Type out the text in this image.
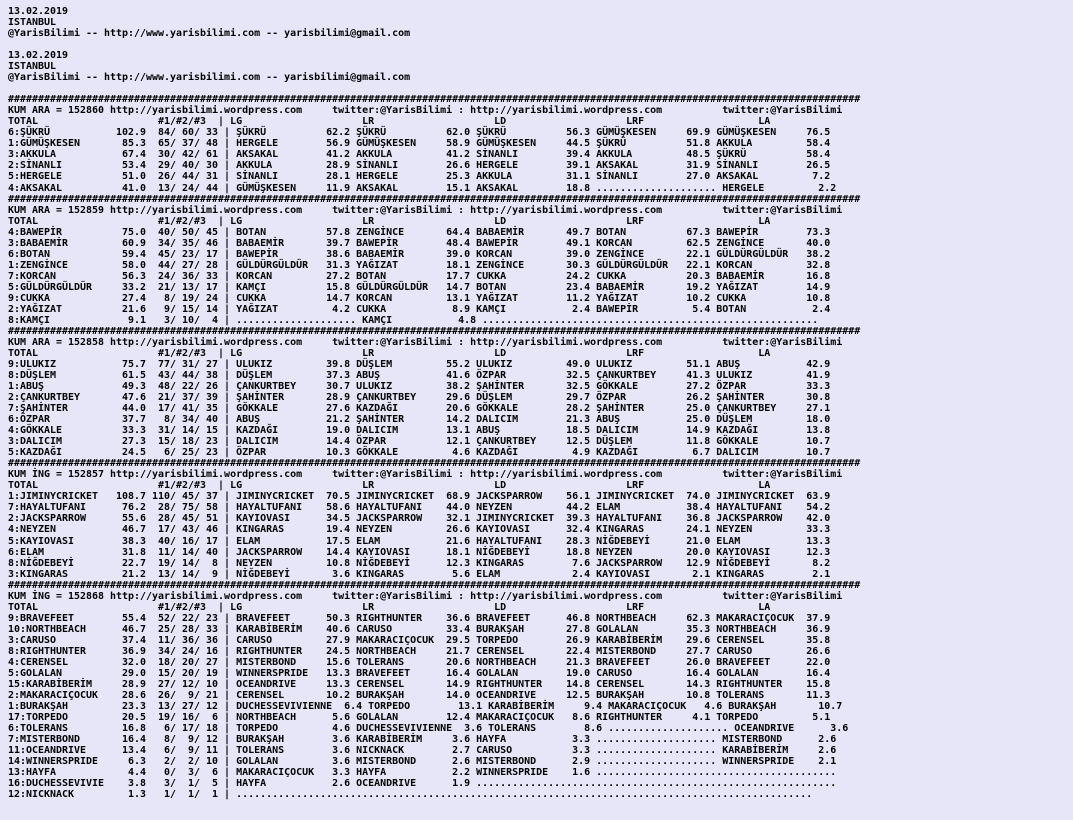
13.02.2019
ISTANBUL
@YarisBilimi -- http://www.yarisbilimi.com -- yarisbilimi@gmail.com
13.02.2019
ISTANBUL
@YarisBilimi -- http://www.yarisbilimi.com -- yarisbilimi@gmail.com
##############################################################################################################################################
KUM ARA = 152860 http://yarisbilimi.wordpress.com     twitter:@YarisBilimi : http://yarisbilimi.wordpress.com          twitter:@YarisBilimi
TOTAL                    #1/#2/#3  | LG                    LR                    LD                    LRF                   LA
6:ŞÜKRÜ           102.9  84/ 60/ 33 | ŞÜKRÜ          62.2 ŞÜKRÜ          62.0 ŞÜKRÜ          56.3 GÜMÜŞKESEN     69.9 GÜMÜŞKESEN     76.5
1:GÜMÜŞKESEN       85.3  65/ 37/ 48 | HERGELE        56.9 GÜMÜŞKESEN     58.9 GÜMÜŞKESEN     44.5 ŞÜKRÜ          51.8 AKKULA         58.4
3:AKKULA           67.4  30/ 42/ 61 | AKSAKAL        41.2 AKKULA         41.2 SİNANLI        39.4 AKKULA         48.5 ŞÜKRÜ          58.4
2:SİNANLI          53.4  29/ 40/ 30 | AKKULA         28.9 SİNANLI        26.6 HERGELE        39.1 AKSAKAL        31.9 SİNANLI        26.5
5:HERGELE          51.0  26/ 44/ 31 | SİNANLI        28.1 HERGELE        25.3 AKKULA         31.1 SİNANLI        27.0 AKSAKAL         7.2
4:AKSAKAL          41.0  13/ 24/ 44 | GÜMÜŞKESEN     11.9 AKSAKAL        15.1 AKSAKAL        18.8 .................... HERGELE         2.2
##############################################################################################################################################
KUM ARA = 152859 http://yarisbilimi.wordpress.com     twitter:@YarisBilimi : http://yarisbilimi.wordpress.com          twitter:@YarisBilimi
TOTAL                    #1/#2/#3  | LG                    LR                    LD                    LRF                   LA
4:BAWEPİR          75.0  40/ 50/ 45 | BOTAN          57.8 ZENGİNCE       64.4 BABAEMİR       49.7 BOTAN          67.3 BAWEPİR        73.3
3:BABAEMİR         60.9  34/ 35/ 46 | BABAEMİR       39.7 BAWEPİR        48.4 BAWEPİR        49.1 KORCAN         62.5 ZENGİNCE       40.0
6:BOTAN            59.4  45/ 23/ 17 | BAWEPİR        38.6 BABAEMİR       39.0 KORCAN         39.0 ZENGİNCE       22.1 GÜLDÜRGÜLDÜR   38.2
1:ZENGİNCE         58.0  44/ 27/ 28 | GÜLDÜRGÜLDÜR   31.3 YAĞIZAT        18.1 ZENGİNCE       30.3 GÜLDÜRGÜLDÜR   22.1 KORCAN         32.8
7:KORCAN           56.3  24/ 36/ 33 | KORCAN         27.2 BOTAN          17.7 CUKKA          24.2 CUKKA          20.3 BABAEMİR       16.8
5:GÜLDÜRGÜLDÜR     33.2  21/ 13/ 17 | KAMÇI          15.8 GÜLDÜRGÜLDÜR   14.7 BOTAN          23.4 BABAEMİR       19.2 YAĞIZAT        14.9
9:CUKKA            27.4   8/ 19/ 24 | CUKKA          14.7 KORCAN         13.1 YAĞIZAT        11.2 YAĞIZAT        10.2 CUKKA          10.8
2:YAĞIZAT          21.6   9/ 15/ 14 | YAĞIZAT         4.2 CUKKA           8.9 KAMÇI           2.4 BAWEPİR         5.4 BOTAN           2.4
8:KAMÇI             9.1   3/ 10/  4 | .................... KAMÇI           4.8 ........................................................
##############################################################################################################################################
KUM ARA = 152858 http://yarisbilimi.wordpress.com     twitter:@YarisBilimi : http://yarisbilimi.wordpress.com          twitter:@YarisBilimi
TOTAL                    #1/#2/#3  | LG                    LR                    LD                    LRF                   LA
9:ULUKIZ           75.7  77/ 31/ 27 | ULUKIZ         39.8 DÜŞLEM         55.2 ULUKIZ         49.0 ULUKIZ         51.1 ABUŞ           42.9
8:DÜŞLEM           61.5  43/ 44/ 38 | DÜŞLEM         37.3 ABUŞ           41.6 ÖZPAR          32.5 ÇANKURTBEY     41.3 ULUKIZ         41.9
1:ABUŞ             49.3  48/ 22/ 26 | ÇANKURTBEY     30.7 ULUKIZ         38.2 ŞAHİNTER       32.5 GÖKKALE        27.2 ÖZPAR          33.3
2:ÇANKURTBEY       47.6  21/ 37/ 39 | ŞAHİNTER       28.9 ÇANKURTBEY     29.6 DÜŞLEM         29.7 ÖZPAR          26.2 ŞAHİNTER       30.8
7:ŞAHİNTER         44.0  17/ 41/ 35 | GÖKKALE        27.6 KAZDAĞI        20.6 GÖKKALE        28.2 ŞAHİNTER       25.0 ÇANKURTBEY     27.1
6:ÖZPAR            37.7   8/ 34/ 40 | ABUŞ           21.2 ŞAHİNTER       14.2 DALICIM        21.3 ABUŞ           25.0 DÜŞLEM         18.0
4:GÖKKALE          33.3  31/ 14/ 15 | KAZDAĞI        19.0 DALICIM        13.1 ABUŞ           18.5 DALICIM        14.9 KAZDAĞI        13.8
3:DALICIM          27.3  15/ 18/ 23 | DALICIM        14.4 ÖZPAR          12.1 ÇANKURTBEY     12.5 DÜŞLEM         11.8 GÖKKALE        10.7
5:KAZDAĞI          24.5   6/ 25/ 23 | ÖZPAR          10.3 GÖKKALE         4.6 KAZDAĞI         4.9 KAZDAĞI         6.7 DALICIM        10.7
##############################################################################################################################################
KUM İNG = 152857 http://yarisbilimi.wordpress.com     twitter:@YarisBilimi : http://yarisbilimi.wordpress.com          twitter:@YarisBilimi
TOTAL                    #1/#2/#3  | LG                    LR                    LD                    LRF                   LA
1:JIMINYCRICKET   108.7 110/ 45/ 37 | JIMINYCRICKET  70.5 JIMINYCRICKET  68.9 JACKSPARROW    56.1 JIMINYCRICKET  74.0 JIMINYCRICKET  63.9
7:HAYALTUFANI      76.2  28/ 75/ 58 | HAYALTUFANI    58.6 HAYALTUFANI    44.0 NEYZEN         44.2 ELAM           38.4 HAYALTUFANI    54.2
2:JACKSPARROW      55.6  28/ 45/ 51 | KAYIOVASI      34.5 JACKSPARROW    32.1 JIMINYCRICKET  39.3 HAYALTUFANI    36.8 JACKSPARROW    42.0
4:NEYZEN           46.7  17/ 43/ 46 | KINGARAS       19.4 NEYZEN         26.6 KAYIOVASI      32.4 KINGARAS       24.1 NEYZEN         33.3
5:KAYIOVASI        38.3  40/ 16/ 17 | ELAM           17.5 ELAM           21.6 HAYALTUFANI    28.3 NİĞDEBEYİ      21.0 ELAM           13.3
6:ELAM             31.8  11/ 14/ 40 | JACKSPARROW    14.4 KAYIOVASI      18.1 NİĞDEBEYİ      18.8 NEYZEN         20.0 KAYIOVASI      12.3
8:NİĞDEBEYİ        22.7  19/ 14/  8 | NEYZEN         10.8 NİĞDEBEYİ      12.3 KINGARAS        7.6 JACKSPARROW    12.9 NİĞDEBEYİ       8.2
3:KINGARAS         21.2  13/ 14/  9 | NİĞDEBEYİ       3.6 KINGARAS        5.6 ELAM            2.4 KAYIOVASI       2.1 KINGARAS        2.1
##############################################################################################################################################
KUM İNG = 152868 http://yarisbilimi.wordpress.com     twitter:@YarisBilimi : http://yarisbilimi.wordpress.com          twitter:@YarisBilimi
TOTAL                    #1/#2/#3  | LG                    LR                    LD                    LRF                   LA
9:BRAVEFEET        55.4  52/ 22/ 23 | BRAVEFEET      50.3 RIGHTHUNTER    36.6 BRAVEFEET      46.8 NORTHBEACH     62.3 MAKARACIÇOCUK  37.9
10:NORTHBEACH      46.7  25/ 28/ 33 | KARABİBERİM    40.6 CARUSO         33.4 BURAKŞAH       27.8 GOLALAN        35.3 NORTHBEACH     36.9
3:CARUSO           37.4  11/ 36/ 36 | CARUSO         27.9 MAKARACIÇOCUK  29.5 TORPEDO        26.9 KARABİBERİM    29.6 CERENSEL       35.8
8:RIGHTHUNTER      36.9  34/ 24/ 16 | RIGHTHUNTER    24.5 NORTHBEACH     21.7 CERENSEL       22.4 MISTERBOND     27.7 CARUSO         26.6
4:CERENSEL         32.0  18/ 20/ 27 | MISTERBOND     15.6 TOLERANS       20.6 NORTHBEACH     21.3 BRAVEFEET      26.0 BRAVEFEET      22.0
5:GOLALAN          29.0  15/ 20/ 19 | WINNERSPRIDE   13.3 BRAVEFEET      16.4 GOLALAN        19.0 CARUSO         16.4 GOLALAN        16.4
15:KARABİBERİM     28.9  27/ 12/ 10 | OCEANDRIVE     13.3 CERENSEL       14.9 RIGHTHUNTER    14.8 CERENSEL       14.3 RIGHTHUNTER    15.8
2:MAKARACIÇOCUK    28.6  26/  9/ 21 | CERENSEL       10.2 BURAKŞAH       14.0 OCEANDRIVE     12.5 BURAKŞAH       10.8 TOLERANS       11.3
1:BURAKŞAH         23.3  13/ 27/ 12 | DUCHESSEVIVIENNE  6.4 TORPEDO        13.1 KARABİBERİM     9.4 MAKARACIÇOCUK   4.6 BURAKŞAH       10.7
17:TORPEDO         20.5  19/ 16/  6 | NORTHBEACH      5.6 GOLALAN        12.4 MAKARACIÇOCUK   8.6 RIGHTHUNTER     4.1 TORPEDO         5.1
6:TOLERANS         16.8   6/ 17/ 18 | TORPEDO         4.6 DUCHESSEVIVIENNE  3.6 TOLERANS        8.6 .................... OCEANDRIVE      3.6
7:MISTERBOND       16.4   8/  9/ 12 | BURAKŞAH        3.6 KARABİBERİM     3.6 HAYFA           3.3 .................... MISTERBOND      2.6
11:OCEANDRIVE      13.4   6/  9/ 11 | TOLERANS        3.6 NICKNACK        2.7 CARUSO          3.3 .................... KARABİBERİM     2.6
14:WINNERSPRIDE     6.3   2/  2/ 10 | GOLALAN         3.6 MISTERBOND      2.6 MISTERBOND      2.9 .................... WINNERSPRIDE    2.1
13:HAYFA            4.4   0/  3/  6 | MAKARACIÇOCUK   3.3 HAYFA           2.2 WINNERSPRIDE    1.6 ........................................
16:DUCHESSEVIVIE    3.8   3/  1/  5 | HAYFA           2.6 OCEANDRIVE      1.9 ............................................................
12:NICKNACK         1.3   1/  1/  1 | ................................................................................................
